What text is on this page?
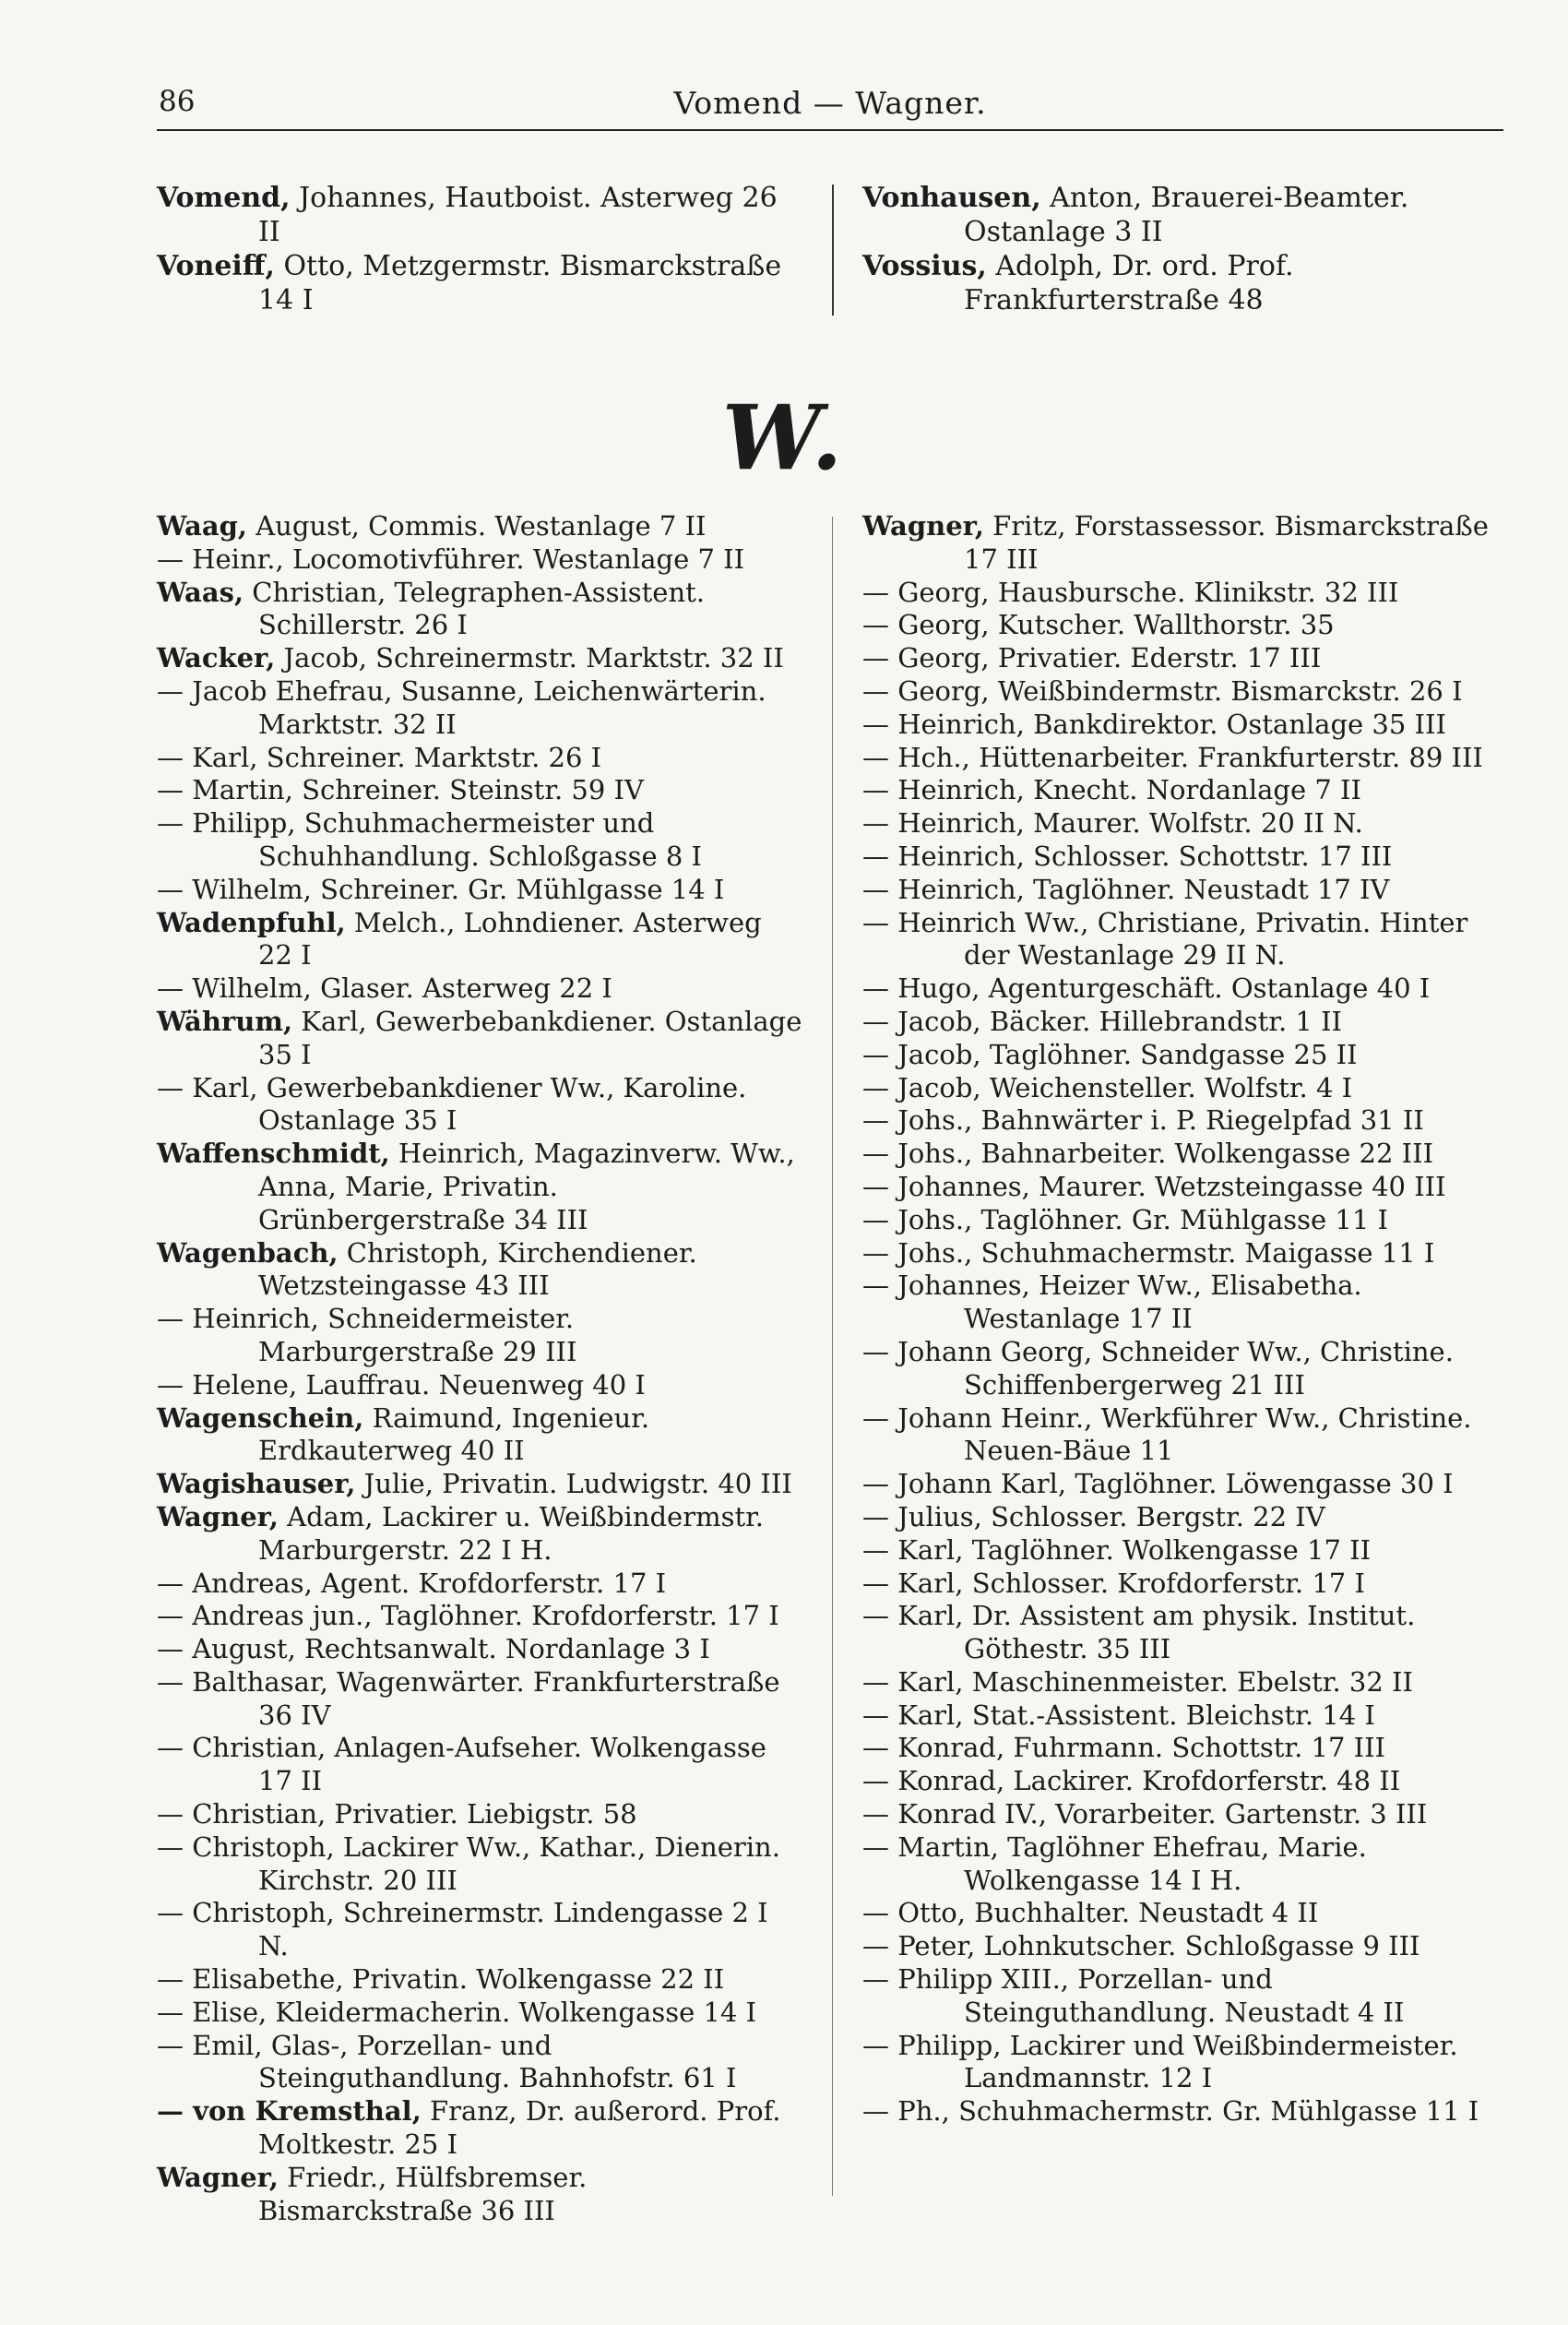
86	Vomend — Wagner.

Vomend, Johannes, Hautboist. Asterweg 26 II

Voneiff, Otto, Metzgermstr. Bismarckstraße 14 I

Vonhausen, Anton, Brauerei-Beamter. Ostanlage 3 II

Vossius, Adolph, Dr. ord. Prof. Frankfurterstraße 48

W.

Waag, August, Commis. Westanlage 7 II

— Heinr., Locomotivführer. Westanlage 7 II

Waas, Christian, Telegraphen-Assistent. Schillerstr. 26 I

Wacker, Jacob, Schreinermstr. Marktstr. 32 II

— Jacob Ehefrau, Susanne, Leichenwärterin. Marktstr. 32 II

— Karl, Schreiner. Marktstr. 26 I

— Martin, Schreiner. Steinstr. 59 IV

— Philipp, Schuhmachermeister und Schuhhandlung. Schloßgasse 8 I

— Wilhelm, Schreiner. Gr. Mühlgasse 14 I

Wadenpfuhl, Melch., Lohndiener. Asterweg 22 I

— Wilhelm, Glaser. Asterweg 22 I

Währum, Karl, Gewerbebankdiener. Ostanlage 35 I

— Karl, Gewerbebankdiener Ww., Karoline. Ostanlage 35 I

Waffenschmidt, Heinrich, Magazinverw. Ww., Anna, Marie, Privatin. Grünbergerstraße 34 III

Wagenbach, Christoph, Kirchendiener. Wetzsteingasse 43 III

— Heinrich, Schneidermeister. Marburgerstraße 29 III

— Helene, Lauffrau. Neuenweg 40 I

Wagenschein, Raimund, Ingenieur. Erdkauterweg 40 II

Wagishauser, Julie, Privatin. Ludwigstr. 40 III

Wagner, Adam, Lackirer u. Weißbindermstr. Marburgerstr. 22 I H.

— Andreas, Agent. Krofdorferstr. 17 I

— Andreas jun., Taglöhner. Krofdorferstr. 17 I

— August, Rechtsanwalt. Nordanlage 3 I

— Balthasar, Wagenwärter. Frankfurterstraße 36 IV

— Christian, Anlagen-Aufseher. Wolkengasse 17 II

— Christian, Privatier. Liebigstr. 58

— Christoph, Lackirer Ww., Kathar., Dienerin. Kirchstr. 20 III

— Christoph, Schreinermstr. Lindengasse 2 I N.

— Elisabethe, Privatin. Wolkengasse 22 II

— Elise, Kleidermacherin. Wolkengasse 14 I

— Emil, Glas-, Porzellan- und Steinguthandlung. Bahnhofstr. 61 I

— von Kremsthal, Franz, Dr. außerord. Prof. Moltkestr. 25 I

Wagner, Friedr., Hülfsbremser. Bismarckstraße 36 III

Wagner, Fritz, Forstassessor. Bismarckstraße 17 III

— Georg, Hausbursche. Klinikstr. 32 III

— Georg, Kutscher. Wallthorstr. 35

— Georg, Privatier. Ederstr. 17 III

— Georg, Weißbindermstr. Bismarckstr. 26 I

— Heinrich, Bankdirektor. Ostanlage 35 III

— Hch., Hüttenarbeiter. Frankfurterstr. 89 III

— Heinrich, Knecht. Nordanlage 7 II

— Heinrich, Maurer. Wolfstr. 20 II N.

— Heinrich, Schlosser. Schottstr. 17 III

— Heinrich, Taglöhner. Neustadt 17 IV

— Heinrich Ww., Christiane, Privatin. Hinter der Westanlage 29 II N.

— Hugo, Agenturgeschäft. Ostanlage 40 I

— Jacob, Bäcker. Hillebrandstr. 1 II

— Jacob, Taglöhner. Sandgasse 25 II

— Jacob, Weichensteller. Wolfstr. 4 I

— Johs., Bahnwärter i. P. Riegelpfad 31 II

— Johs., Bahnarbeiter. Wolkengasse 22 III

— Johannes, Maurer. Wetzsteingasse 40 III

— Johs., Taglöhner. Gr. Mühlgasse 11 I

— Johs., Schuhmachermstr. Maigasse 11 I

— Johannes, Heizer Ww., Elisabetha. Westanlage 17 II

— Johann Georg, Schneider Ww., Christine. Schiffenbergerweg 21 III

— Johann Heinr., Werkführer Ww., Christine. Neuen-Bäue 11

— Johann Karl, Taglöhner. Löwengasse 30 I

— Julius, Schlosser. Bergstr. 22 IV

— Karl, Taglöhner. Wolkengasse 17 II

— Karl, Schlosser. Krofdorferstr. 17 I

— Karl, Dr. Assistent am physik. Institut. Göthestr. 35 III

— Karl, Maschinenmeister. Ebelstr. 32 II

— Karl, Stat.-Assistent. Bleichstr. 14 I

— Konrad, Fuhrmann. Schottstr. 17 III

— Konrad, Lackirer. Krofdorferstr. 48 II

— Konrad IV., Vorarbeiter. Gartenstr. 3 III

— Martin, Taglöhner Ehefrau, Marie. Wolkengasse 14 I H.

— Otto, Buchhalter. Neustadt 4 II

— Peter, Lohnkutscher. Schloßgasse 9 III

— Philipp XIII., Porzellan- und Steinguthandlung. Neustadt 4 II

— Philipp, Lackirer und Weißbindermeister. Landmannstr. 12 I

— Ph., Schuhmachermstr. Gr. Mühlgasse 11 I
